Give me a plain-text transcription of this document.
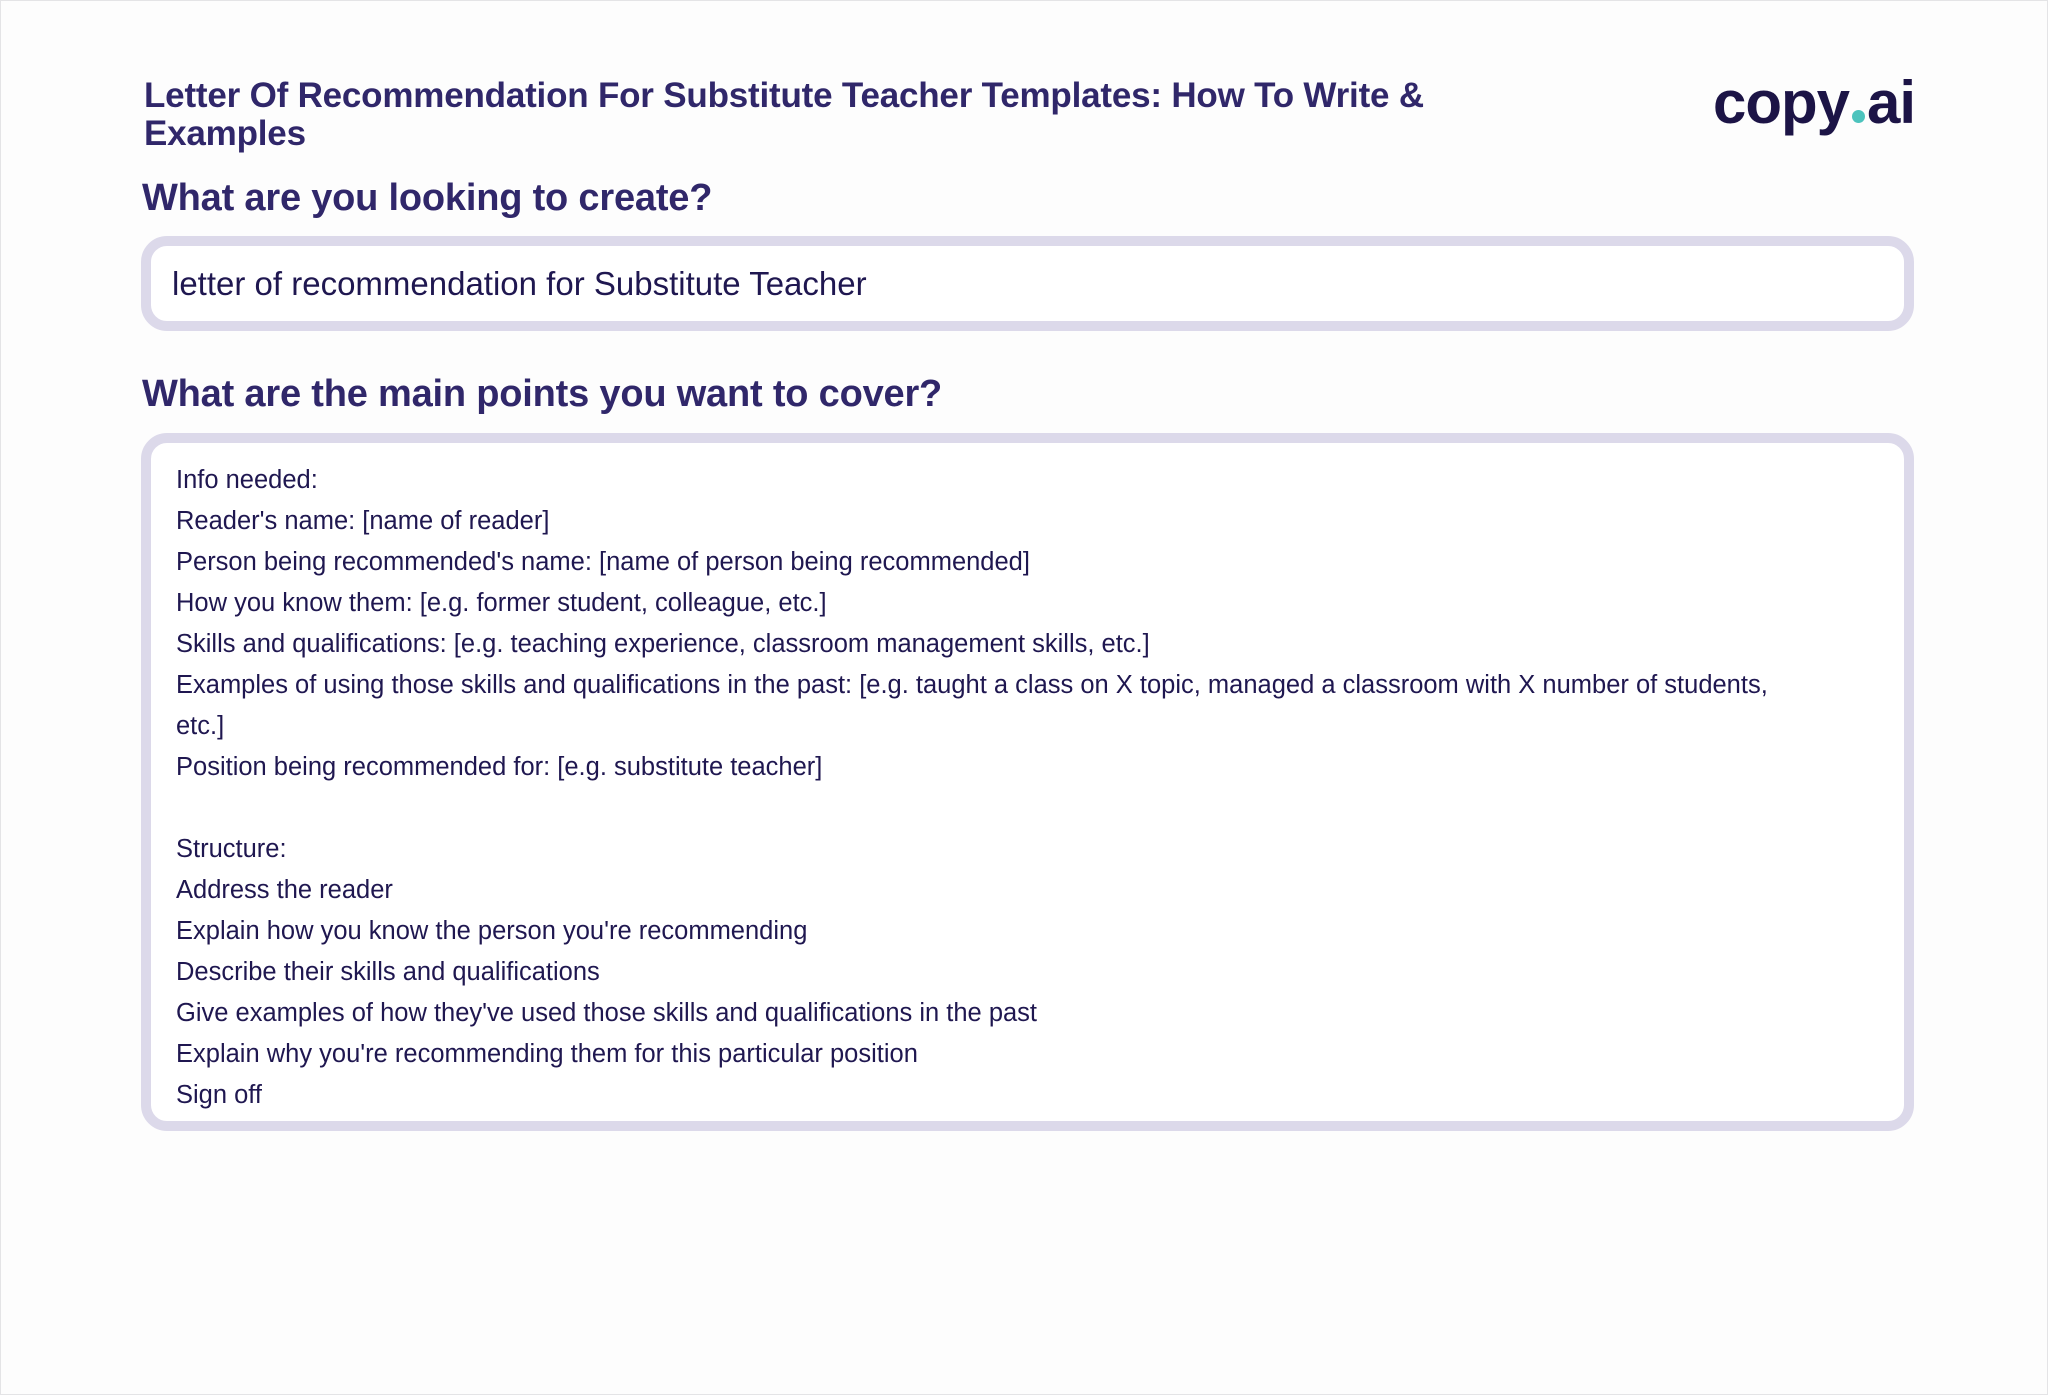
Letter Of Recommendation For Substitute Teacher Templates: How To Write &
Examples	copy ai
What are you looking to create?
letter of recommendation for Substitute Teacher
What are the main points you want to cover?
Info needed:
Reader's name: [name of reader]
Person being recommended's name: [name of person being recommended]
How you know them: [e.g. former student, colleague, etc.]
Skills and qualifications: [e.g. teaching experience, classroom management skills, etc.]
Examples of using those skills and qualifications in the past: [e.g. taught a class on X topic, managed a classroom with X number of students,
etc.]
Position being recommended for: [e.g. substitute teacher]
Structure:
Address the reader
Explain how you know the person you're recommending
Describe their skills and qualifications
Give examples of how they've used those skills and qualifications in the past
Explain why you're recommending them for this particular position
Sign off
